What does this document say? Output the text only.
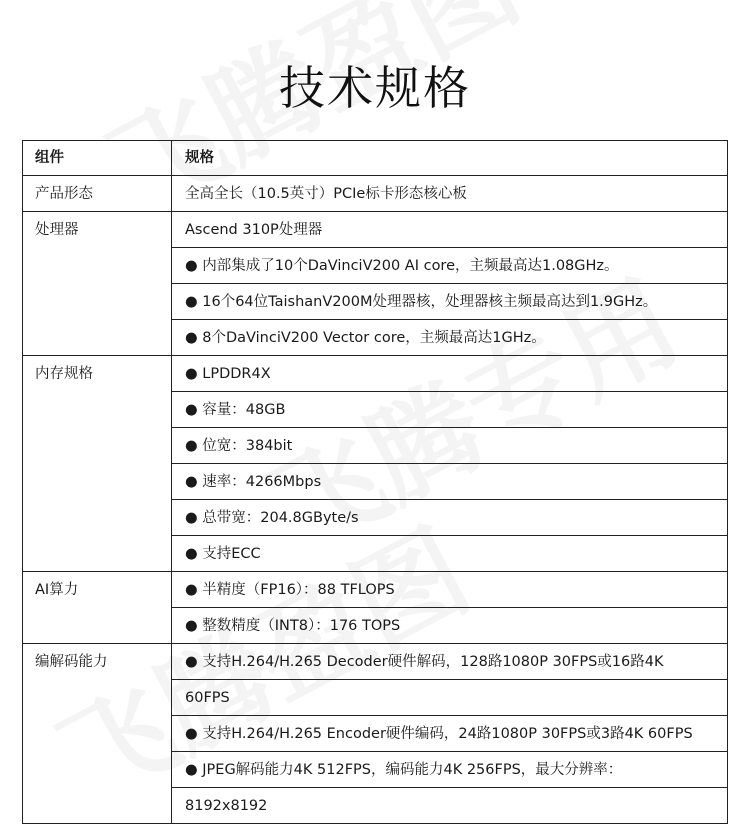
技术规格
组件	规格
产品形态	全高全长（10.5英寸）PCIe标卡形态核心板
处理器	Ascend 310P处理器
	● 内部集成了10个DaVinciV200 AI core，主频最高达1.08GHz。
	● 16个64位TaishanV200M处理器核，处理器核主频最高达到1.9GHz。
	● 8个DaVinciV200 Vector core，主频最高达1GHz。
内存规格	● LPDDR4X
	● 容量：48GB
	● 位宽：384bit
	● 速率：4266Mbps
	● 总带宽：204.8GByte/s
	● 支持ECC
AI算力	● 半精度（FP16）：88 TFLOPS
	● 整数精度（INT8）：176 TOPS
编解码能力	● 支持H.264/H.265 Decoder硬件解码，128路1080P 30FPS或16路4K
	60FPS
	● 支持H.264/H.265 Encoder硬件编码，24路1080P 30FPS或3路4K 60FPS
	● JPEG解码能力4K 512FPS，编码能力4K 256FPS，最大分辨率：
	8192x8192
